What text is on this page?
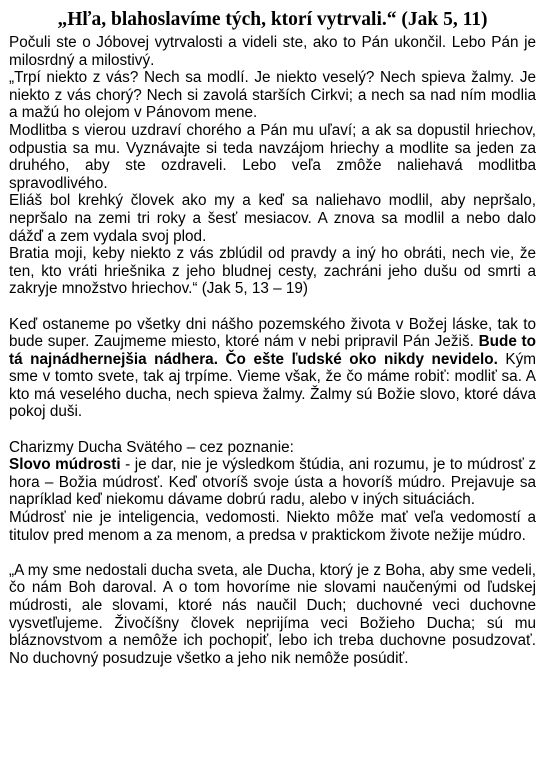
„Hľa, blahoslavíme tých, ktorí vytrvali.“ (Jak 5, 11)

Počuli ste o Jóbovej vytrvalosti a videli ste, ako to Pán ukončil. Lebo Pán je milosrdný a milostivý.

„Trpí niekto z vás? Nech sa modlí. Je niekto veselý? Nech spieva žalmy. Je niekto z vás chorý? Nech si zavolá starších Cirkvi; a nech sa nad ním modlia a mažú ho olejom v Pánovom mene.

Modlitba s vierou uzdraví chorého a Pán mu uľaví; a ak sa dopustil hriechov, odpustia sa mu. Vyznávajte si teda navzájom hriechy a modlite sa jeden za druhého, aby ste ozdraveli. Lebo veľa zmôže naliehavá modlitba spravodlivého.

Eliáš bol krehký človek ako my a keď sa naliehavo modlil, aby nepršalo, nepršalo na zemi tri roky a šesť mesiacov. A znova sa modlil a nebo dalo dážď a zem vydala svoj plod.

Bratia moji, keby niekto z vás zblúdil od pravdy a iný ho obráti, nech vie, že ten, kto vráti hriešnika z jeho bludnej cesty, zachráni jeho dušu od smrti a zakryje množstvo hriechov.“ (Jak 5, 13 – 19)

Keď ostaneme po všetky dni nášho pozemského života v Božej láske, tak to bude super. Zaujmeme miesto, ktoré nám v nebi pripravil Pán Ježiš. Bude to tá najnádhernejšia nádhera. Čo ešte ľudské oko nikdy nevidelo. Kým sme v tomto svete, tak aj trpíme. Vieme však, že čo máme robiť: modliť sa. A kto má veselého ducha, nech spieva žalmy. Žalmy sú Božie slovo, ktoré dáva pokoj duši.

Charizmy Ducha Svätého – cez poznanie:

Slovo múdrosti - je dar, nie je výsledkom štúdia, ani rozumu, je to múdrosť z hora – Božia múdrosť. Keď otvoríš svoje ústa a hovoríš múdro. Prejavuje sa napríklad keď niekomu dávame dobrú radu, alebo v iných situáciách.

Múdrosť nie je inteligencia, vedomosti. Niekto môže mať veľa vedomostí a titulov pred menom a za menom, a predsa v praktickom živote nežije múdro.

„A my sme nedostali ducha sveta, ale Ducha, ktorý je z Boha, aby sme vedeli, čo nám Boh daroval. A o tom hovoríme nie slovami naučenými od ľudskej múdrosti, ale slovami, ktoré nás naučil Duch; duchovné veci duchovne vysvetľujeme. Živočíšny človek neprijíma veci Božieho Ducha; sú mu bláznovstvom a nemôže ich pochopiť, lebo ich treba duchovne posudzovať. No duchovný posudzuje všetko a jeho nik nemôže posúdiť.
